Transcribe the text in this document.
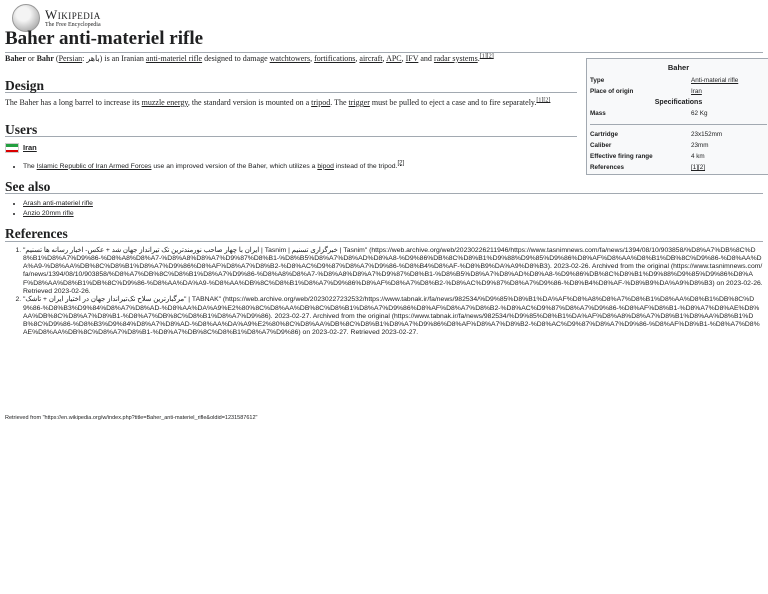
Wikipedia
The Free Encyclopedia
Baher anti-materiel rifle

Baher or Bahr (Persian: باهر) is an Iranian anti-materiel rifle designed to damage watchtowers, fortifications, aircraft, APC, IFV and radar systems.[1][2]

Design

The Baher has a long barrel to increase its muzzle energy, the standard version is mounted on a tripod. The trigger must be pulled to eject a case and to fire separately.[1][2]

Users
Iran
• The Islamic Republic of Iran Armed Forces use an improved version of the Baher, which utilizes a bipod instead of the tripod.[2]
See also
• Arash anti-materiel rifle
• Anzio 20mm rifle
References
1. "ایران با چهار صاحب نورمندترین تک تیرانداز جهان شد + عکس- اخبار رسانه ها تسنیم | Tasnim | خبرگزاری تسنیم | Tasnim" (https://web.archive.org/web/20230226211946/https://www.tasnimnews.com/fa/news/1394/08/10/903858/%D8%A7%DB%8C%D8%B1%D8%A7%D9%86-%D8%A8%D8%A7-%D8%A8%D8%A7%D9%87%D8%B1-%D8%B5%D8%A7%D8%AD%D8%A8-%D9%86%DB%8C%D8%B1%D9%88%D9%85%D9%86%D8%AF%D8%AA%D8%B1%DB%8C%D9%86-%D8%AA%DA%A9-%D8%AA%DB%8C%D8%B1%D8%A7%D9%86%D8%AF%D8%A7%D8%B2-%D8%AC%D9%87%D8%A7%D9%86-%D8%B4%D8%AF-%D8%B9%DA%A9%D8%B3). 2023-02-26. Archived from the original (https://www.tasnimnews.com/fa/news/1394/08/10/903858/%D8%A7%DB%8C%D8%B1%D8%A7%D9%86-%D8%A8%D8%A7-%D8%A8%D8%A7%D9%87%D8%B1-%D8%B5%D8%A7%D8%AD%D8%A8-%D9%86%DB%8C%D8%B1%D9%88%D9%85%D9%86%D8%AF%D8%AA%D8%B1%DB%8C%D9%86-%D8%AA%DA%A9-%D8%AA%DB%8C%D8%B1%D8%A7%D9%86%D8%AF%D8%A7%D8%B2-%D8%AC%D9%87%D8%A7%D9%86-%D8%B4%D8%AF-%D8%B9%DA%A9%D8%B3) on 2023-02-26. Retrieved 2023-02-26.
2. "مرگبارترین سلاح تک‌تیرانداز جهان در اختیار ایران + تاشک" | TABNAK" (https://web.archive.org/web/20230227232532/https://www.tabnak.ir/fa/news/982534/%D9%85%D8%B1%DA%AF%D8%A8%D8%A7%D8%B1%D8%AA%D8%B1%DB%8C%D9%86-%D8%B3%D9%84%D8%A7%D8%AD-%D8%AA%DA%A9%E2%80%8C%D8%AA%DB%8C%D8%B1%D8%A7%D9%86%D8%AF%D8%A7%D8%B2-%D8%AC%D9%87%D8%A7%D9%86-%D8%AF%D8%B1-%D8%A7%D8%AE%D8%AA%DB%8C%D8%A7%D8%B1-%D8%A7%DB%8C%D8%B1%D8%A7%D9%86). 2023-02-27. Archived from the original (https://www.tabnak.ir/fa/news/982534/%D9%85%D8%B1%DA%AF%D8%A8%D8%A7%D8%B1%D8%AA%D8%B1%DB%8C%D9%86-%D8%B3%D9%84%D8%A7%D8%AD-%D8%AA%DA%A9%E2%80%8C%D8%AA%DB%8C%D8%B1%D8%A7%D9%86%D8%AF%D8%A7%D8%B2-%D8%AC%D9%87%D8%A7%D9%86-%D8%AF%D8%B1-%D8%A7%D8%AE%D8%AA%DB%8C%D8%A7%D8%B1-%D8%A7%DB%8C%D8%B1%D8%A7%D9%86) on 2023-02-27. Retrieved 2023-02-27.
Baher
Type	Anti-material rifle
Place of origin	Iran
Specifications
Mass	62 Kg
Cartridge	23x152mm
Caliber	23mm
Effective firing range	4 km
References	[1][2]
Retrieved from "https://en.wikipedia.org/w/index.php?title=Baher_anti-materiel_rifle&oldid=1231587612"
